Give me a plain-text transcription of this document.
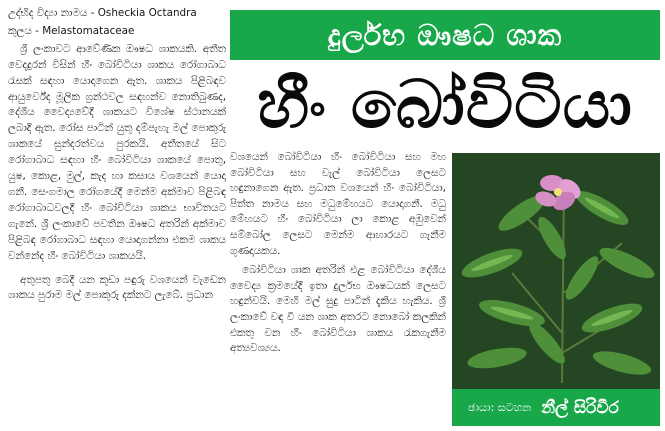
උද්භිද විද්‍යා නාමය - Osheckia Octandra

කුලය - Melastomataceae

ශ්‍රී ලංකාවට ආවේණික ඖෂධ ශාකයකි. අතීත වෙදදුරන් විසින් හීං බෝවිටියා ශාකය රෝගාබාධ රැසක් සඳහා යොදාගෙන ඇත. ශාකය පිළිබඳව ආයුර්වේද මූලික ග්‍රන්ථවල සඳහන්ව නොතිබුණද, දේශීය වෛද්‍යවේදී ශාකයට විශේෂ ස්ථානයක් ලබාදී ඇත. රෝස පාටින් යුතු දම්පැහැ මල් පොකුරු ශාකයේ සුන්දරත්වය පුරකයි. අතීතයේ සිට රෝගාබාධ සඳහා හීං බෝවිටියා ශාකයේ පොතු, යුෂ, කොළ, මුල්, කැද හා කසාය වශයෙන් යොදා ගනී. සෙංගමාල රෝගයේදී මෙන්ම අක්මාව පිළිබඳ රෝගාබාධවලදී හීං බෝවිටියා ශාකය භාවිතයට ගැනේ. ශ්‍රී ලංකාවේ පවතින ඖෂධ අතරින් අක්මාව පිළිබඳ රෝගාබාධ සඳහා යොදාගන්නා එකම ශාකය වන්නේද හීං බෝවිටියා ශාකයයි.

අතුපතු බෙදී යන කුඩා පඳුරු වශයෙන් වැඩෙන ශාකය පුරාම මල් පොකුරු දක්නට ලැබේ. ප්‍රධාන

දුර්ලභ ඖෂධ ශාක
හීං බෝවිටියා

වශයෙන් බෝවිටියා හීං බෝවිටියා සහ මහ බෝවිටියා සහ වැල් බෝවිටියා ලෙසට හඳුනාගෙන ඇත. ප්‍රධාන වශයෙන් හීං බෝවිටියා, පිත්ත නාමය සහ මධුමේහයට යොදාගනී. මධු මේහයට හීං බෝවිටියා ලා කොළ අඹුවෙන් සම්බෝල ලෙසට මෙන්ම ආහාරයට ගැනීම ගුණදායකය.

බෝවිටියා ශාක අතරින් එළ බෝවිටියා දේශීය වෛද්‍ය ක්‍රමයේදී ඉතා දුර්ලභ ඖෂධයක් ලෙසට හඳුන්වයි. මෙහි මල් සුදු පාටින් දැකිය හැකිය. ශ්‍රී ලංකාවේ වඳ වී යන ශාක අතරට නොබෝ කලකින් එකතු වන හීං බෝවිටියා ශාකය රැකගැනීම අත්‍යවශ්‍යය.

ඡායා: සටහන නීල් සිරිවීර
